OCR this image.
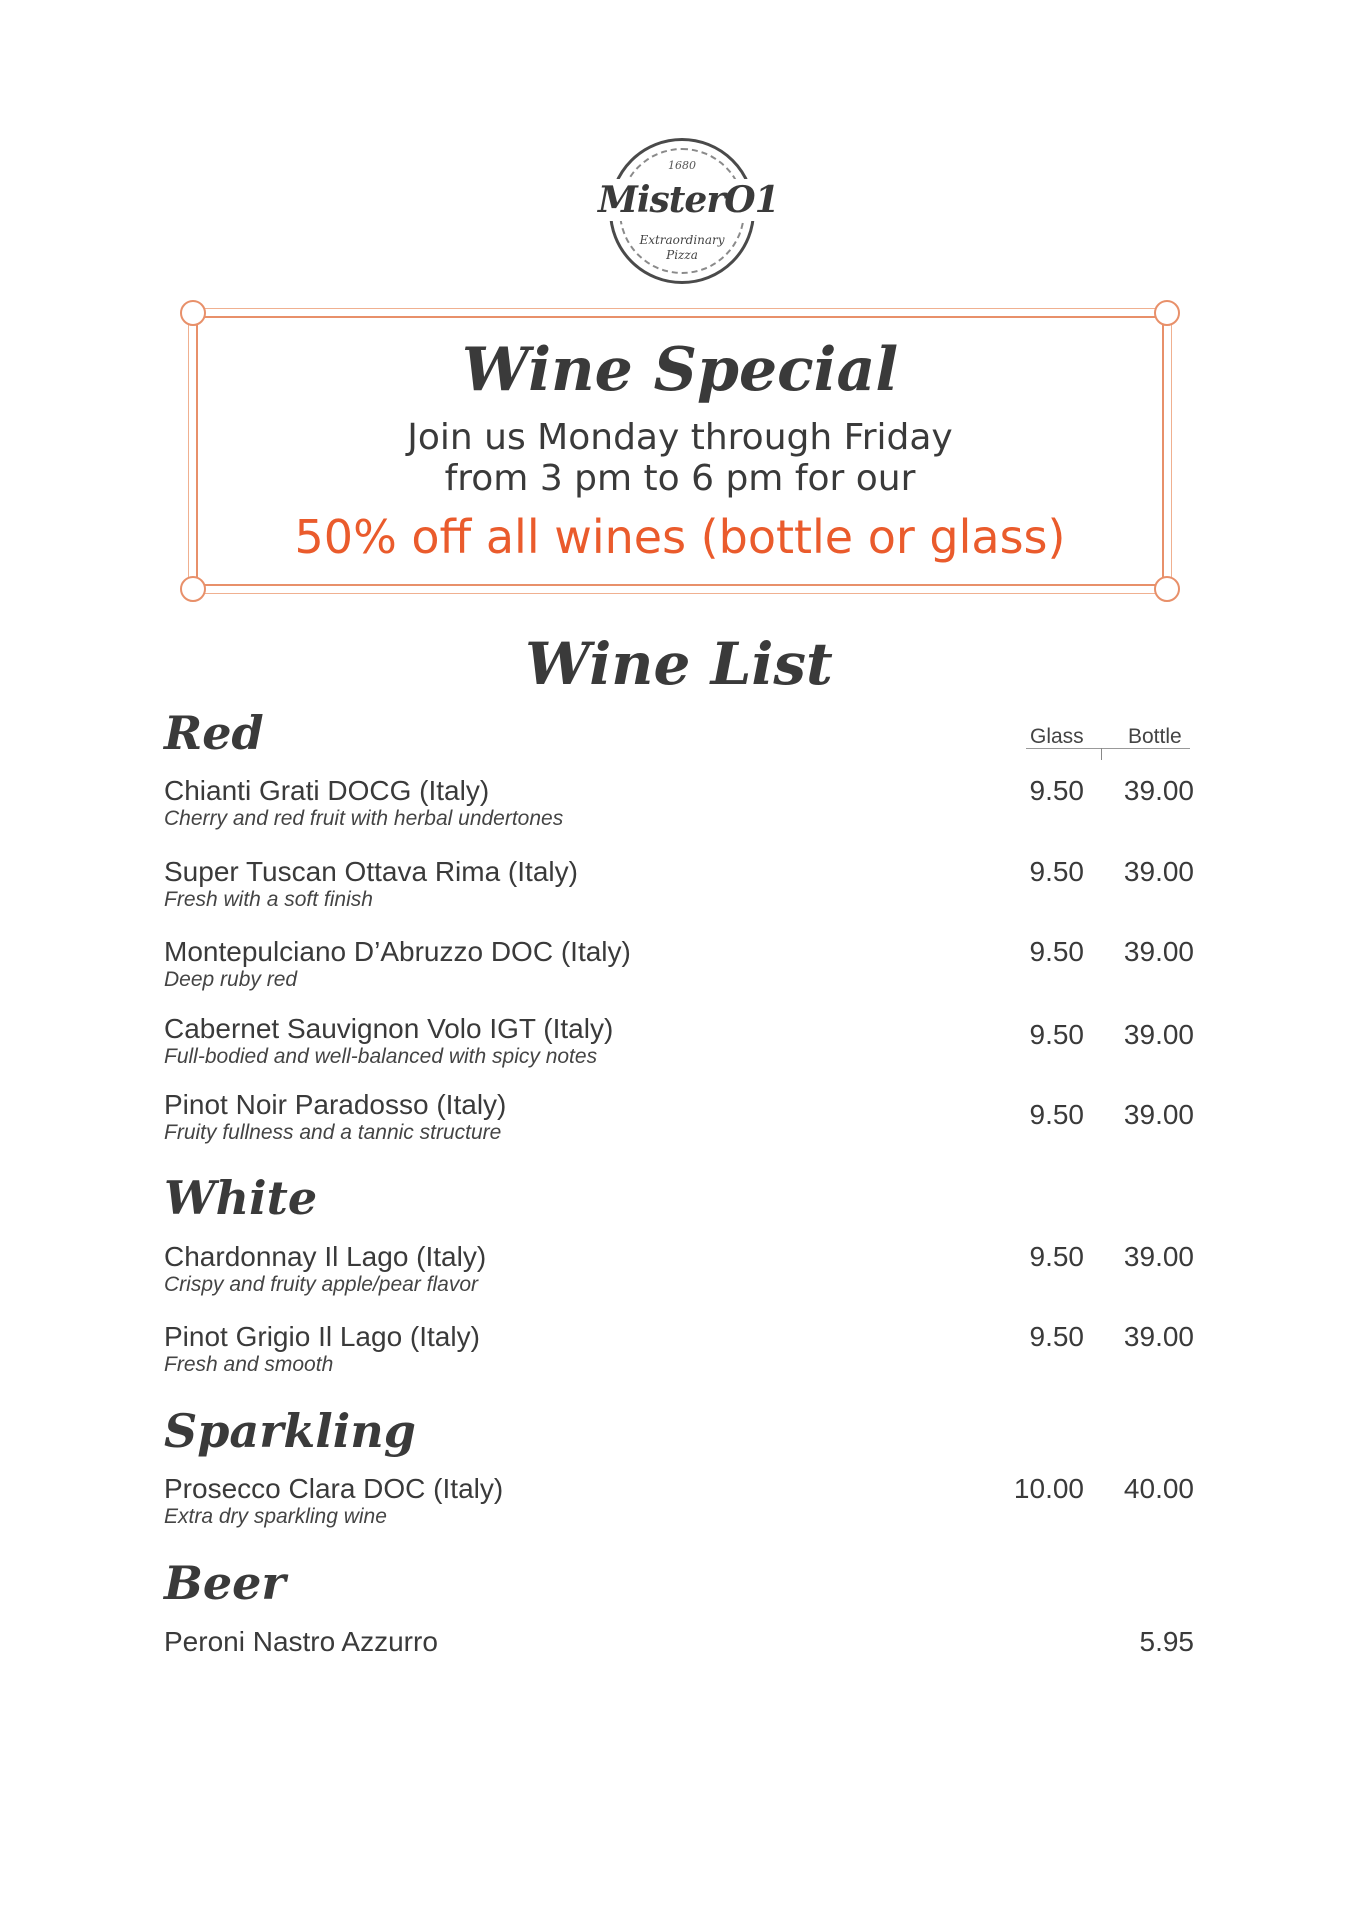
1680
MisterO1
Extraordinary
Pizza
Wine Special
Join us Monday through Friday
from 3 pm to 6 pm for our
50% off all wines (bottle or glass)
Wine List
Glass Bottle
Red
Chianti Grati DOCG (Italy)
Cherry and red fruit with herbal undertones
9.50	39.00
Super Tuscan Ottava Rima (Italy)
Fresh with a soft finish
9.50	39.00
Montepulciano D’Abruzzo DOC (Italy)
Deep ruby red
9.50	39.00
Cabernet Sauvignon Volo IGT (Italy)
Full-bodied and well-balanced with spicy notes
9.50	39.00
Pinot Noir Paradosso (Italy)
Fruity fullness and a tannic structure
9.50	39.00
White
Chardonnay Il Lago (Italy)
Crispy and fruity apple/pear flavor
9.50	39.00
Pinot Grigio Il Lago (Italy)
Fresh and smooth
9.50	39.00
Sparkling
Prosecco Clara DOC (Italy)
Extra dry sparkling wine
10.00	40.00
Beer
Peroni Nastro Azzurro	5.95
